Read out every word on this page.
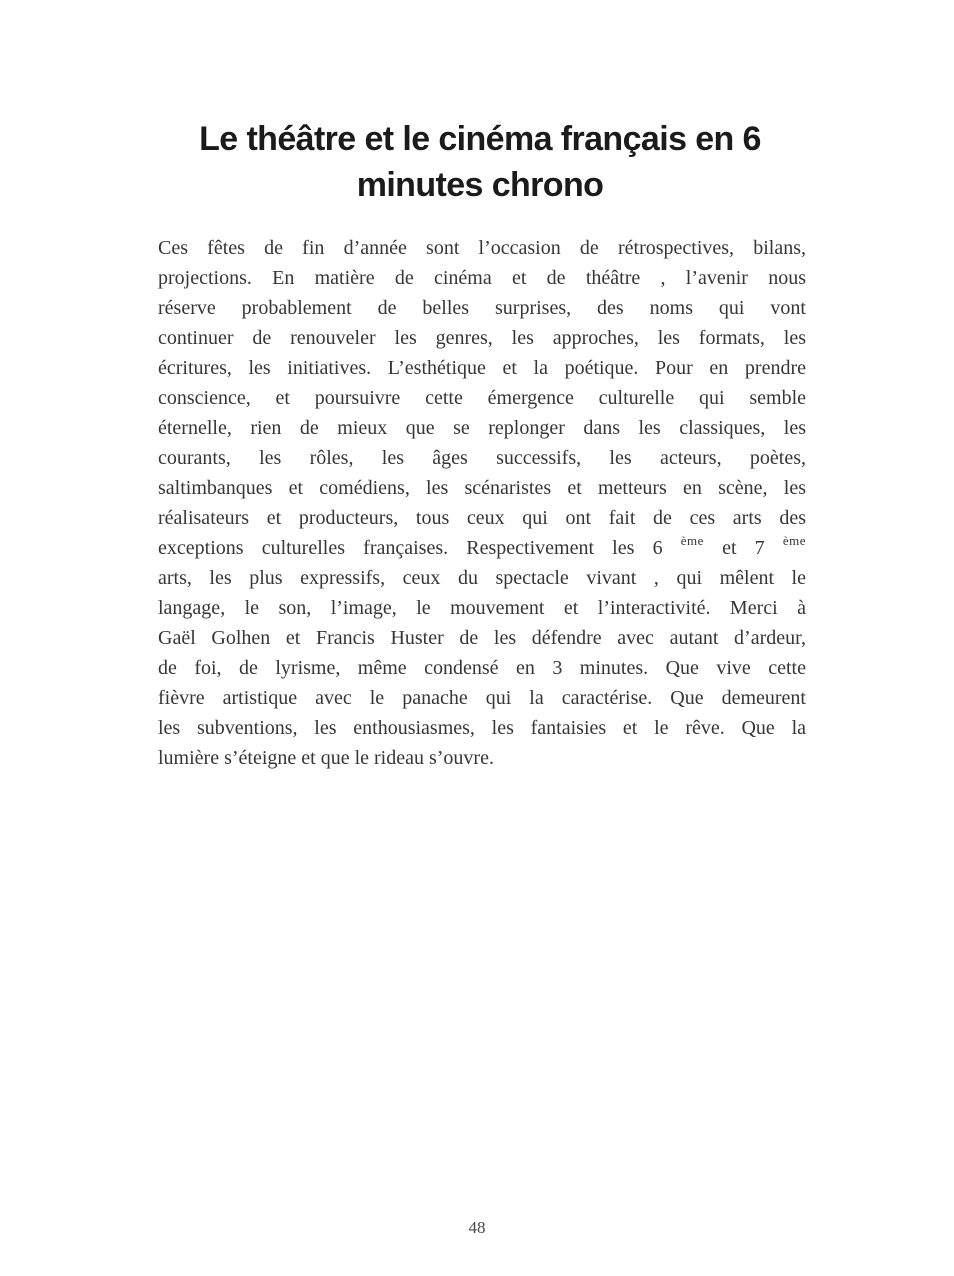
Le théâtre et le cinéma français en 6
minutes chrono
Ces fêtes de fin d’année sont l’occasion de rétrospectives, bilans,
projections. En matière de cinéma et de théâtre , l’avenir nous
réserve probablement de belles surprises, des noms qui vont
continuer de renouveler les genres, les approches, les formats, les
écritures, les initiatives. L’esthétique et la poétique. Pour en prendre
conscience, et poursuivre cette émergence culturelle qui semble
éternelle, rien de mieux que se replonger dans les classiques, les
courants, les rôles, les âges successifs, les acteurs, poètes,
saltimbanques et comédiens, les scénaristes et metteurs en scène, les
réalisateurs et producteurs, tous ceux qui ont fait de ces arts des
exceptions culturelles françaises. Respectivement les 6 $^{ème}$ et 7 $^{ème}$
arts, les plus expressifs, ceux du spectacle vivant , qui mêlent le
langage, le son, l’image, le mouvement et l’interactivité. Merci à
Gaël Golhen et Francis Huster de les défendre avec autant d’ardeur,
de foi, de lyrisme, même condensé en 3 minutes. Que vive cette
fièvre artistique avec le panache qui la caractérise. Que demeurent
les subventions, les enthousiasmes, les fantaisies et le rêve. Que la
lumière s’éteigne et que le rideau s’ouvre.
48
